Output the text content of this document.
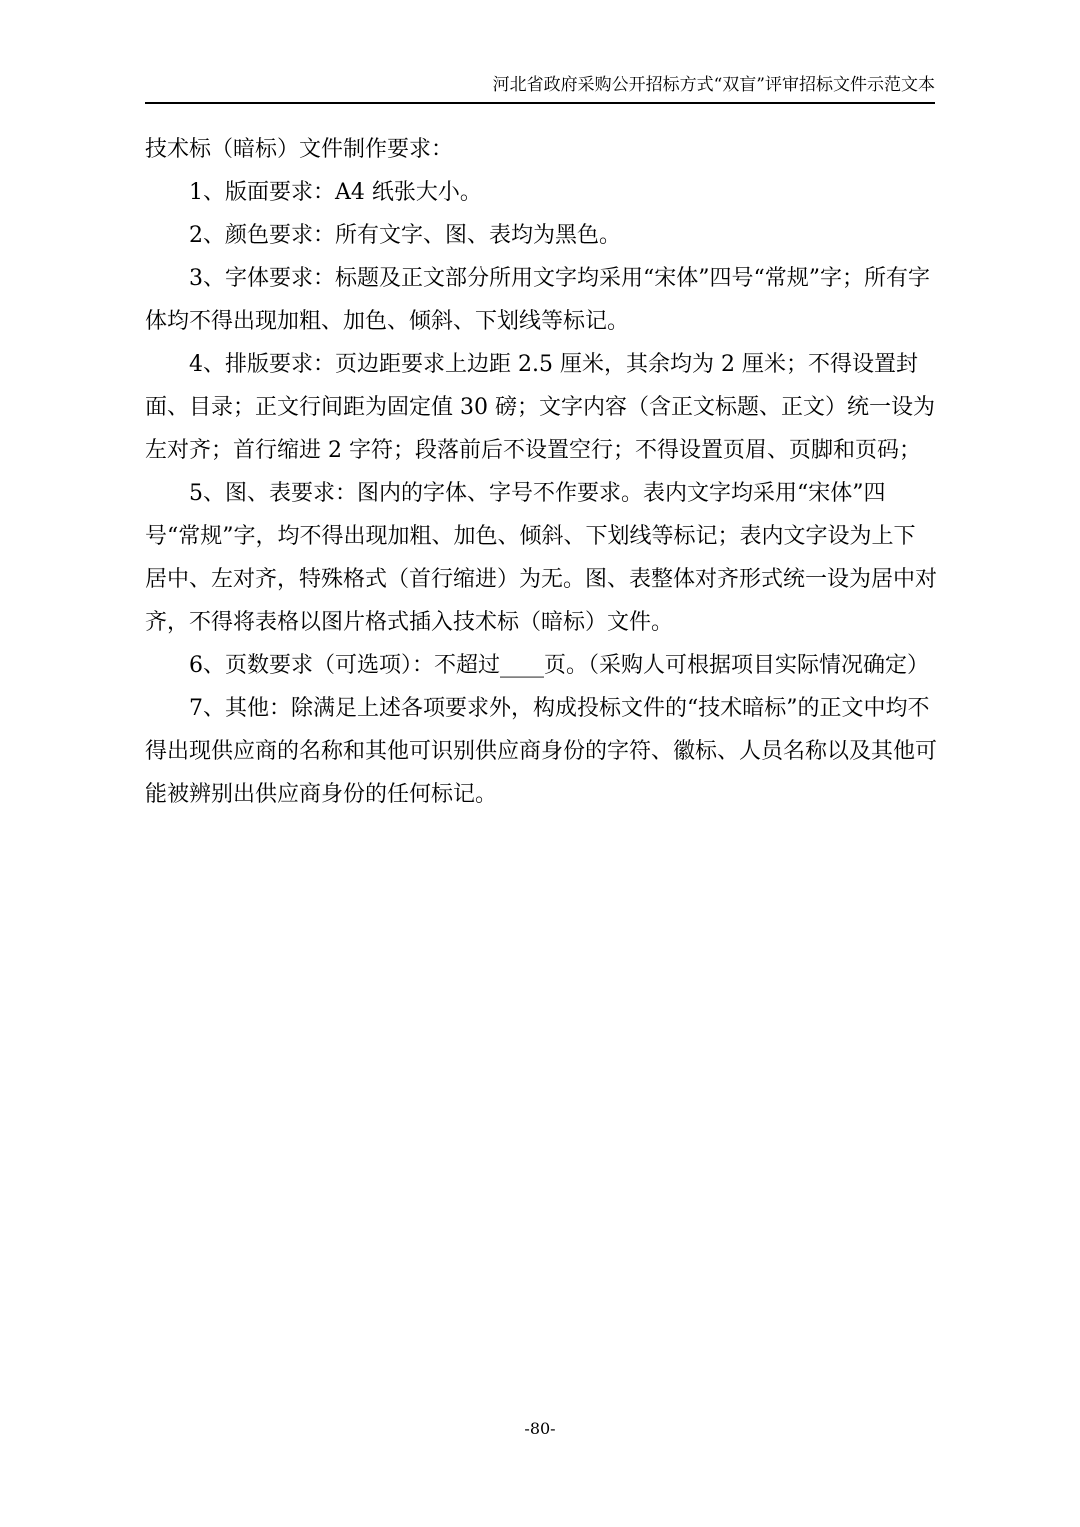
河北省政府采购公开招标方式“双盲”评审招标文件示范文本

技术标（暗标）文件制作要求：

1、版面要求：A4 纸张大小。

2、颜色要求：所有文字、图、表均为黑色。

3、字体要求：标题及正文部分所用文字均采用“宋体”四号“常规”字；所有字体均不得出现加粗、加色、倾斜、下划线等标记。

4、排版要求：页边距要求上边距 2.5 厘米，其余均为 2 厘米；不得设置封面、目录；正文行间距为固定值 30 磅；文字内容（含正文标题、正文）统一设为左对齐；首行缩进 2 字符；段落前后不设置空行；不得设置页眉、页脚和页码；

5、图、表要求：图内的字体、字号不作要求。表内文字均采用“宋体”四号“常规”字，均不得出现加粗、加色、倾斜、下划线等标记；表内文字设为上下居中、左对齐，特殊格式（首行缩进）为无。图、表整体对齐形式统一设为居中对齐，不得将表格以图片格式插入技术标（暗标）文件。

6、页数要求（可选项）：不超过____页。（采购人可根据项目实际情况确定）

7、其他：除满足上述各项要求外，构成投标文件的“技术暗标”的正文中均不得出现供应商的名称和其他可识别供应商身份的字符、徽标、人员名称以及其他可能被辨别出供应商身份的任何标记。

-80-
